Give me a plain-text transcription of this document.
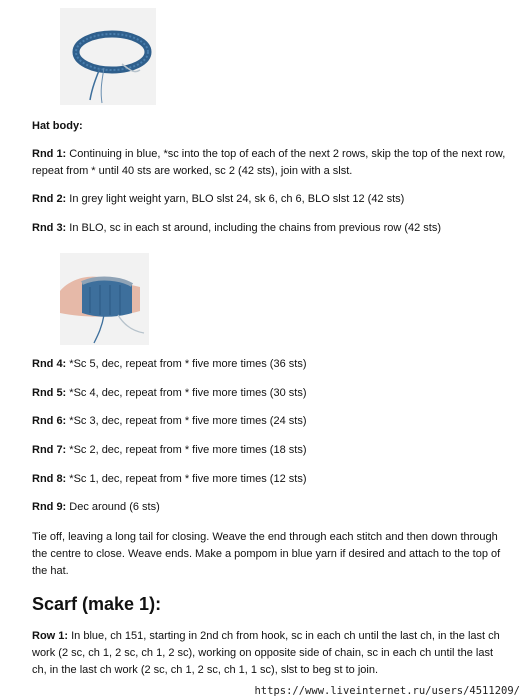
Hat body:

Rnd 1: Continuing in blue, *sc into the top of each of the next 2 rows, skip the top of the next row, repeat from * until 40 sts are worked, sc 2 (42 sts), join with a slst.

Rnd 2: In grey light weight yarn, BLO slst 24, sk 6, ch 6, BLO slst 12 (42 sts)

Rnd 3: In BLO, sc in each st around, including the chains from previous row (42 sts)

Rnd 4: *Sc 5, dec, repeat from * five more times (36 sts)

Rnd 5: *Sc 4, dec, repeat from * five more times (30 sts)

Rnd 6: *Sc 3, dec, repeat from * five more times (24 sts)

Rnd 7: *Sc 2, dec, repeat from * five more times (18 sts)

Rnd 8: *Sc 1, dec, repeat from * five more times (12 sts)

Rnd 9: Dec around (6 sts)

Tie off, leaving a long tail for closing. Weave the end through each stitch and then down through the centre to close. Weave ends. Make a pompom in blue yarn if desired and attach to the top of the hat.

Scarf (make 1):

Row 1: In blue, ch 151, starting in 2nd ch from hook, sc in each ch until the last ch, in the last ch work (2 sc, ch 1, 2 sc, ch 1, 2 sc), working on opposite side of chain, sc in each ch until the last ch, in the last ch work (2 sc, ch 1, 2 sc, ch 1, 1 sc), slst to beg st to join.

https://www.liveinternet.ru/users/4511209/
